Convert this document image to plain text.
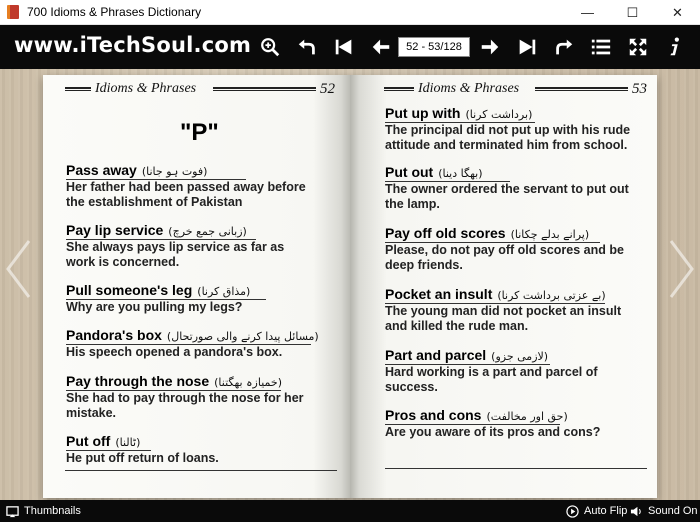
700 Idioms & Phrases Dictionary	—	☐	✕
www.iTechSoul.com
52 - 53/128
Idioms & Phrases	52
"P"
Pass away (فوت ہو جانا)
Her father had been passed away before
the establishment of Pakistan
Pay lip service (زبانی جمع خرچ)
She always pays lip service as far as
work is concerned.
Pull someone's leg (مذاق کرنا)
Why are you pulling my legs?
Pandora's box (مسائل پیدا کرنے والی صورتحال)
His speech opened a pandora's box.
Pay through the nose (خمیازہ بھگتنا)
She had to pay through the nose for her
mistake.
Put off (ٹالنا)
He put off return of loans.
Idioms & Phrases	53
Put up with (برداشت کرنا)
The principal did not put up with his rude
attitude and terminated him from school.
Put out (بھگا دینا)
The owner ordered the servant to put out
the lamp.
Pay off old scores (پرانے بدلے چکانا)
Please, do not pay off old scores and be
deep friends.
Pocket an insult (بے عزتی برداشت کرنا)
The young man did not pocket an insult
and killed the rude man.
Part and parcel (لازمی جزو)
Hard working is a part and parcel of
success.
Pros and cons (حق اور مخالفت)
Are you aware of its pros and cons?
Thumbnails	Auto Flip Sound On
